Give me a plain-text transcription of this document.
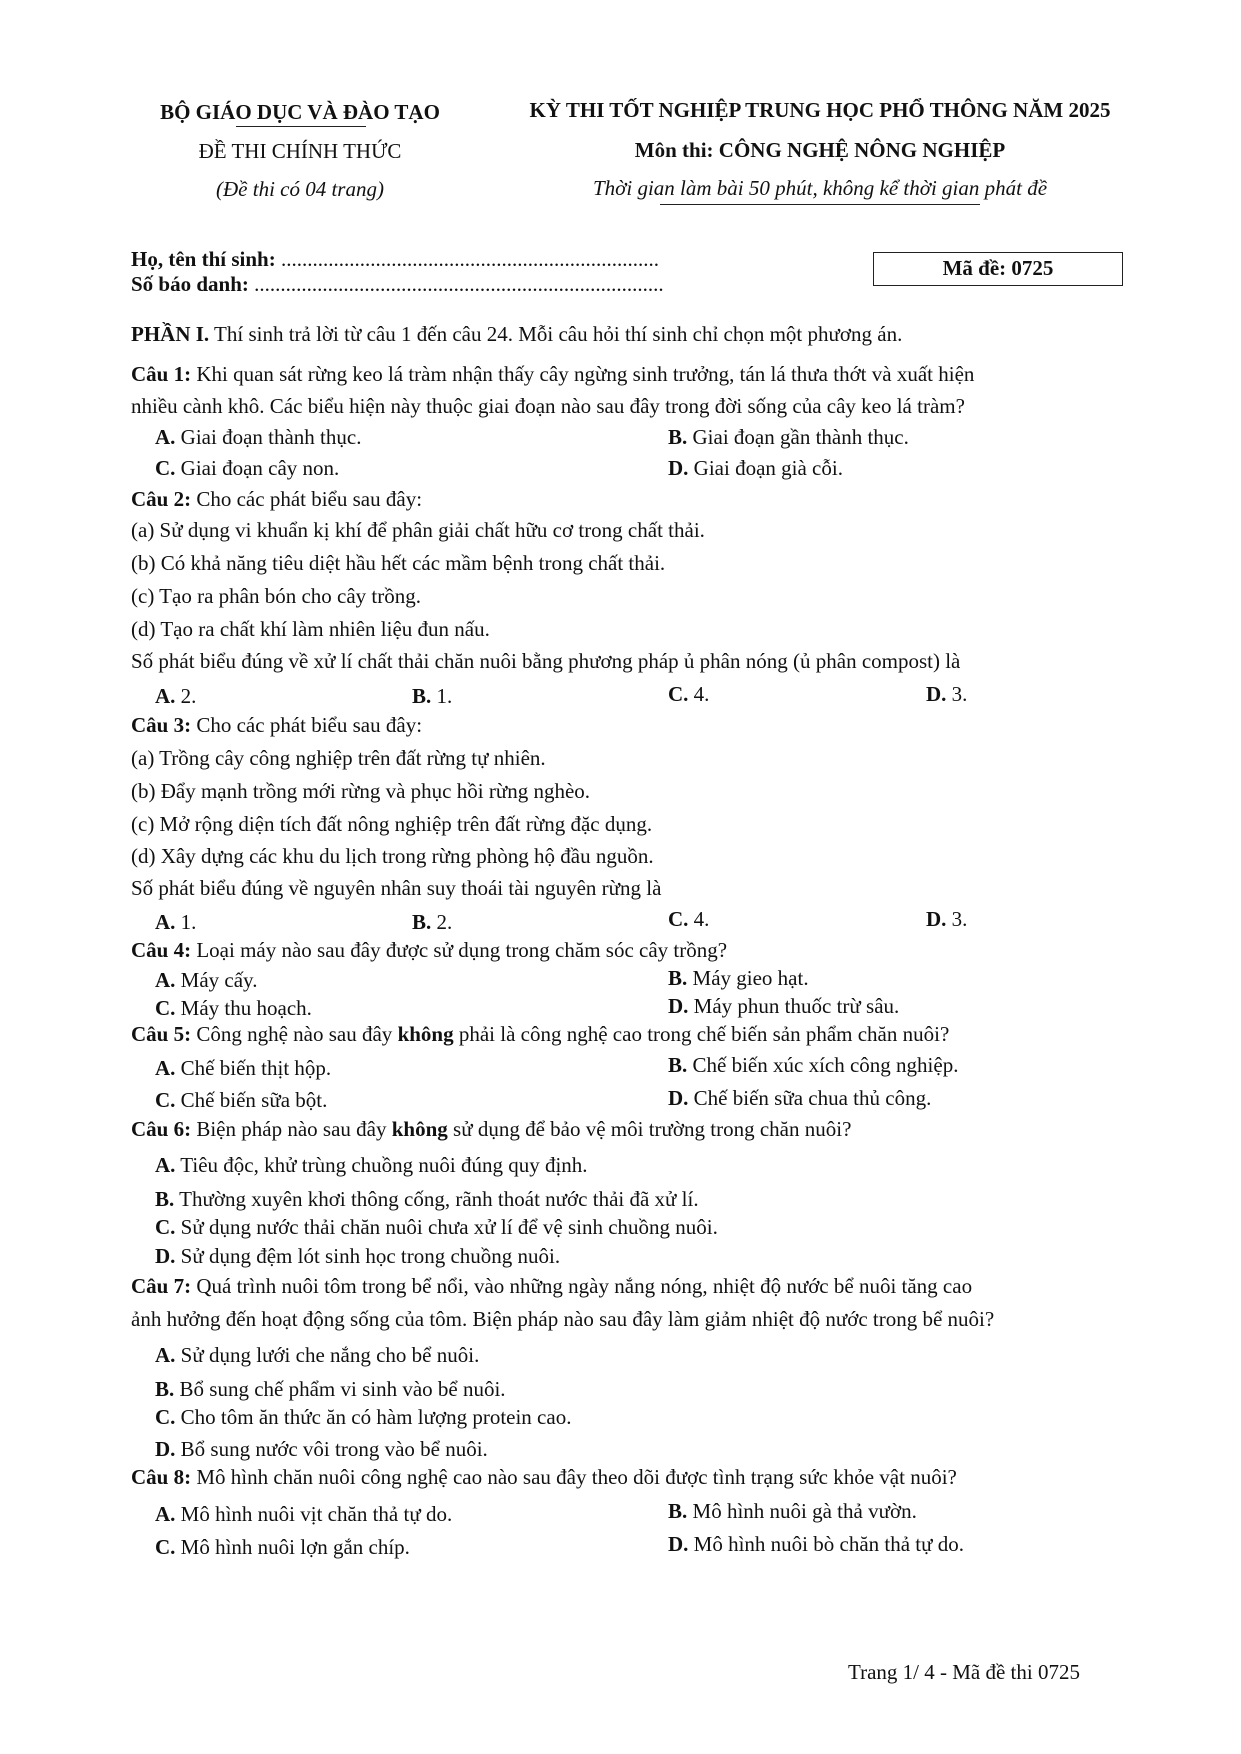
BỘ GIÁO DỤC VÀ ĐÀO TẠO
ĐỀ THI CHÍNH THỨC
(Đề thi có 04 trang)
KỲ THI TỐT NGHIỆP TRUNG HỌC PHỔ THÔNG NĂM 2025
Môn thi: CÔNG NGHỆ NÔNG NGHIỆP
Thời gian làm bài 50 phút, không kể thời gian phát đề
Họ, tên thí sinh: ........................................................................
Số báo danh: ..............................................................................
Mã đề: 0725
PHẦN I. Thí sinh trả lời từ câu 1 đến câu 24. Mỗi câu hỏi thí sinh chỉ chọn một phương án.
Câu 1: Khi quan sát rừng keo lá tràm nhận thấy cây ngừng sinh trưởng, tán lá thưa thớt và xuất hiện
nhiều cành khô. Các biểu hiện này thuộc giai đoạn nào sau đây trong đời sống của cây keo lá tràm?
A. Giai đoạn thành thục.	B. Giai đoạn gần thành thục.
C. Giai đoạn cây non.	D. Giai đoạn già cỗi.
Câu 2: Cho các phát biểu sau đây:
(a) Sử dụng vi khuẩn kị khí để phân giải chất hữu cơ trong chất thải.
(b) Có khả năng tiêu diệt hầu hết các mầm bệnh trong chất thải.
(c) Tạo ra phân bón cho cây trồng.
(d) Tạo ra chất khí làm nhiên liệu đun nấu.
Số phát biểu đúng về xử lí chất thải chăn nuôi bằng phương pháp ủ phân nóng (ủ phân compost) là
A. 2.	B. 1.	C. 4.	D. 3.
Câu 3: Cho các phát biểu sau đây:
(a) Trồng cây công nghiệp trên đất rừng tự nhiên.
(b) Đẩy mạnh trồng mới rừng và phục hồi rừng nghèo.
(c) Mở rộng diện tích đất nông nghiệp trên đất rừng đặc dụng.
(d) Xây dựng các khu du lịch trong rừng phòng hộ đầu nguồn.
Số phát biểu đúng về nguyên nhân suy thoái tài nguyên rừng là
A. 1.	B. 2.	C. 4.	D. 3.
Câu 4: Loại máy nào sau đây được sử dụng trong chăm sóc cây trồng?
A. Máy cấy.	B. Máy gieo hạt.
C. Máy thu hoạch.	D. Máy phun thuốc trừ sâu.
Câu 5: Công nghệ nào sau đây không phải là công nghệ cao trong chế biến sản phẩm chăn nuôi?
A. Chế biến thịt hộp.	B. Chế biến xúc xích công nghiệp.
C. Chế biến sữa bột.	D. Chế biến sữa chua thủ công.
Câu 6: Biện pháp nào sau đây không sử dụng để bảo vệ môi trường trong chăn nuôi?
A. Tiêu độc, khử trùng chuồng nuôi đúng quy định.
B. Thường xuyên khơi thông cống, rãnh thoát nước thải đã xử lí.
C. Sử dụng nước thải chăn nuôi chưa xử lí để vệ sinh chuồng nuôi.
D. Sử dụng đệm lót sinh học trong chuồng nuôi.
Câu 7: Quá trình nuôi tôm trong bể nổi, vào những ngày nắng nóng, nhiệt độ nước bể nuôi tăng cao
ảnh hưởng đến hoạt động sống của tôm. Biện pháp nào sau đây làm giảm nhiệt độ nước trong bể nuôi?
A. Sử dụng lưới che nắng cho bể nuôi.
B. Bổ sung chế phẩm vi sinh vào bể nuôi.
C. Cho tôm ăn thức ăn có hàm lượng protein cao.
D. Bổ sung nước vôi trong vào bể nuôi.
Câu 8: Mô hình chăn nuôi công nghệ cao nào sau đây theo dõi được tình trạng sức khỏe vật nuôi?
A. Mô hình nuôi vịt chăn thả tự do.	B. Mô hình nuôi gà thả vườn.
C. Mô hình nuôi lợn gắn chíp.	D. Mô hình nuôi bò chăn thả tự do.
Trang 1/ 4 - Mã đề thi 0725
